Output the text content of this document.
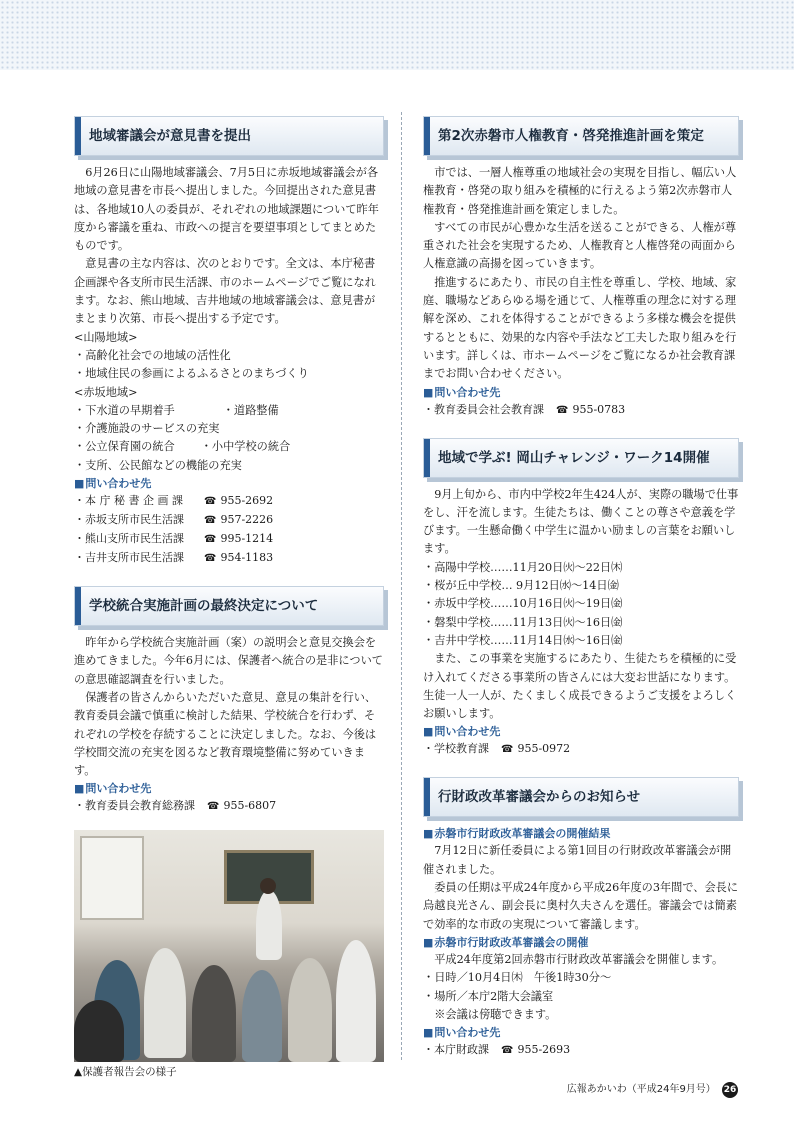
地域審議会が意見書を提出

6月26日に山陽地域審議会、7月5日に赤坂地域審議会が各地域の意見書を市長へ提出しました。今回提出された意見書は、各地域10人の委員が、それぞれの地域課題について昨年度から審議を重ね、市政への提言を要望事項としてまとめたものです。

意見書の主な内容は、次のとおりです。全文は、本庁秘書企画課や各支所市民生活課、市のホームページでご覧になれます。なお、熊山地域、吉井地域の地域審議会は、意見書がまとまり次第、市長へ提出する予定です。

<山陽地域>
・高齢化社会での地域の活性化
・地域住民の参画によるふるさとのまちづくり
<赤坂地域>
・下水道の早期着手	・道路整備
・介護施設のサービスの充実
・公立保育園の統合 ・小中学校の統合
・支所、公民館などの機能の充実
■ 問い合わせ先
・本 庁 秘 書 企 画 課 ☎ 955-2692
・赤坂支所市民生活課 ☎ 957-2226
・熊山支所市民生活課 ☎ 995-1214
・吉井支所市民生活課 ☎ 954-1183
学校統合実施計画の最終決定について

昨年から学校統合実施計画（案）の説明会と意見交換会を進めてきました。今年6月には、保護者へ統合の是非についての意思確認調査を行いました。

保護者の皆さんからいただいた意見、意見の集計を行い、教育委員会議で慎重に検討した結果、学校統合を行わず、それぞれの学校を存続することに決定しました。なお、今後は学校間交流の充実を図るなど教育環境整備に努めていきます。

■ 問い合わせ先
・教育委員会教育総務課 ☎ 955-6807
▲保護者報告会の様子
第2次赤磐市人権教育・啓発推進計画を策定

市では、一層人権尊重の地域社会の実現を目指し、幅広い人権教育・啓発の取り組みを積極的に行えるよう第2次赤磐市人権教育・啓発推進計画を策定しました。

すべての市民が心豊かな生活を送ることができる、人権が尊重された社会を実現するため、人権教育と人権啓発の両面から人権意識の高揚を図っていきます。

推進するにあたり、市民の自主性を尊重し、学校、地域、家庭、職場などあらゆる場を通じて、人権尊重の理念に対する理解を深め、これを体得することができるよう多様な機会を提供するとともに、効果的な内容や手法など工夫した取り組みを行います。詳しくは、市ホームページをご覧になるか社会教育課までお問い合わせください。

■ 問い合わせ先
・教育委員会社会教育課 ☎ 955-0783
地域で学ぶ! 岡山チャレンジ・ワーク14開催

9月上旬から、市内中学校2年生424人が、実際の職場で仕事をし、汗を流します。生徒たちは、働くことの尊さや意義を学びます。一生懸命働く中学生に温かい励ましの言葉をお願いします。

・高陽中学校……11月20日㈫～22日㈭
・桜が丘中学校… 9月12日㈬～14日㈮
・赤坂中学校……10月16日㈫～19日㈮
・磐梨中学校……11月13日㈫～16日㈮
・吉井中学校……11月14日㈬～16日㈮

また、この事業を実施するにあたり、生徒たちを積極的に受け入れてくださる事業所の皆さんには大変お世話になります。生徒一人一人が、たくましく成長できるようご支援をよろしくお願いします。

■ 問い合わせ先
・学校教育課 ☎ 955-0972
行財政改革審議会からのお知らせ
■ 赤磐市行財政改革審議会の開催結果

7月12日に新任委員による第1回目の行財政改革審議会が開催されました。

委員の任期は平成24年度から平成26年度の3年間で、会長に烏越良光さん、副会長に奥村久夫さんを選任。審議会では簡素で効率的な市政の実現について審議します。

■ 赤磐市行財政改革審議会の開催

平成24年度第2回赤磐市行財政改革審議会を開催します。

・日時／10月4日㈭　午後1時30分～
・場所／本庁2階大会議室
※会議は傍聴できます。
■ 問い合わせ先
・本庁財政課 ☎ 955-2693
広報あかいわ（平成24年9月号） 26
